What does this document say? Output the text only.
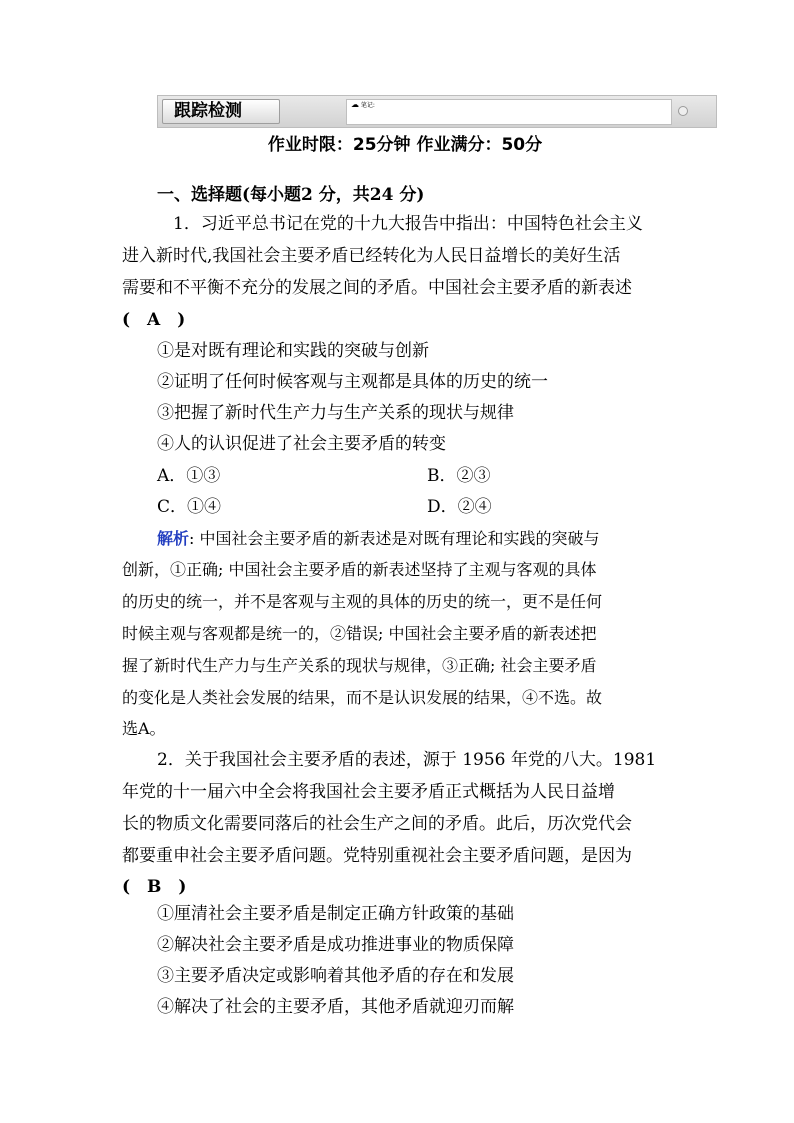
跟踪检测	☁ 笔记:
作业时限：25分钟 作业满分：50分
一、选择题(每小题2 分，共24 分)
1．习近平总书记在党的十九大报告中指出：中国特色社会主义
进入新时代,我国社会主要矛盾已经转化为人民日益增长的美好生活
需要和不平衡不充分的发展之间的矛盾。中国社会主要矛盾的新表述
(　A　)
①是对既有理论和实践的突破与创新
②证明了任何时候客观与主观都是具体的历史的统一
③把握了新时代生产力与生产关系的现状与规律
④人的认识促进了社会主要矛盾的转变
A．①③	B．②③
C．①④	D．②④
解析: 中国社会主要矛盾的新表述是对既有理论和实践的突破与
创新，①正确; 中国社会主要矛盾的新表述坚持了主观与客观的具体
的历史的统一，并不是客观与主观的具体的历史的统一，更不是任何
时候主观与客观都是统一的，②错误; 中国社会主要矛盾的新表述把
握了新时代生产力与生产关系的现状与规律，③正确; 社会主要矛盾
的变化是人类社会发展的结果，而不是认识发展的结果，④不选。故
选A。
2．关于我国社会主要矛盾的表述，源于 1956 年党的八大。1981
年党的十一届六中全会将我国社会主要矛盾正式概括为人民日益增
长的物质文化需要同落后的社会生产之间的矛盾。此后，历次党代会
都要重申社会主要矛盾问题。党特别重视社会主要矛盾问题，是因为
(　B　)
①厘清社会主要矛盾是制定正确方针政策的基础
②解决社会主要矛盾是成功推进事业的物质保障
③主要矛盾决定或影响着其他矛盾的存在和发展
④解决了社会的主要矛盾，其他矛盾就迎刃而解
